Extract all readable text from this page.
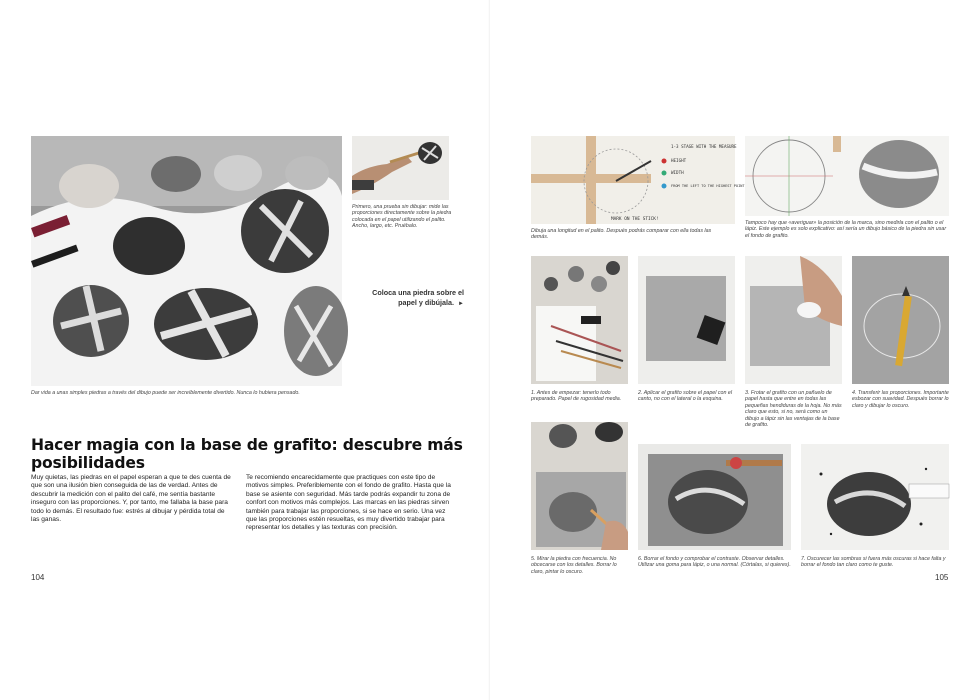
Dar vida a unas simples piedras a través del dibujo puede ser increíblemente divertido. Nunca lo hubiera pensado.
Primero, una prueba sin dibujar: mide las proporciones directamente sobre la piedra colocada en el papel utilizando el palito. Ancho, largo, etc. Pruébalo.
Coloca una piedra sobre el papel y dibújala. ►
Hacer magia con la base de grafito: descubre más posibilidades
Muy quietas, las piedras en el papel esperan a que te des cuenta de que son una ilusión bien conseguida de las de verdad. Antes de descubrir la medición con el palito del café, me sentía bastante inseguro con las proporciones. Y, por tanto, me fallaba la base para todo lo demás. El resultado fue: estrés al dibujar y pérdida total de las ganas.
Te recomiendo encarecidamente que practiques con este tipo de motivos simples. Preferiblemente con el fondo de grafito. Hasta que la base se asiente con seguridad. Más tarde podrás expandir tu zona de confort con motivos más complejos. Las marcas en las piedras sirven también para trabajar las proporciones, si se hace en serio. Una vez que las proporciones estén resueltas, es muy divertido trabajar para representar los detalles y las texturas con precisión.
104
1-3 STAGE WITH THE MEASURE
HEIGHT
WIDTH
FROM THE LEFT TO THE HIGHEST POINT
MARK ON THE STICK!
Dibuja una longitud en el palito. Después podrás comparar con ella todas las demás.
Tampoco hay que «averiguar» la posición de la marca, sino medirla con el palito o el lápiz. Este ejemplo es solo explicativo: así sería un dibujo básico de la piedra sin usar el fondo de grafito.
1. Antes de empezar: tenerlo todo preparado. Papel de rugosidad media.
2. Aplicar el grafito sobre el papel con el canto, no con el lateral o la esquina.
3. Frotar el grafito con un pañuelo de papel hasta que entre en todas las pequeñas hendiduras de la hoja. No más claro que esto, si no, será como un dibujo a lápiz sin las ventajas de la base de grafito.
4. Transferir las proporciones. Importante esbozar con suavidad. Después borrar lo claro y dibujar lo oscuro.
5. Mirar la piedra con frecuencia. No obcecarse con los detalles. Borrar lo claro, pintar lo oscuro.
6. Borrar el fondo y comprobar el contraste. Observar detalles. Utilizar una goma para lápiz, o una normal. (Córtalas, si quieres).
7. Oscurecer las sombras si fuera más oscuras si hace falta y borrar el fondo tan claro como te guste.
105
